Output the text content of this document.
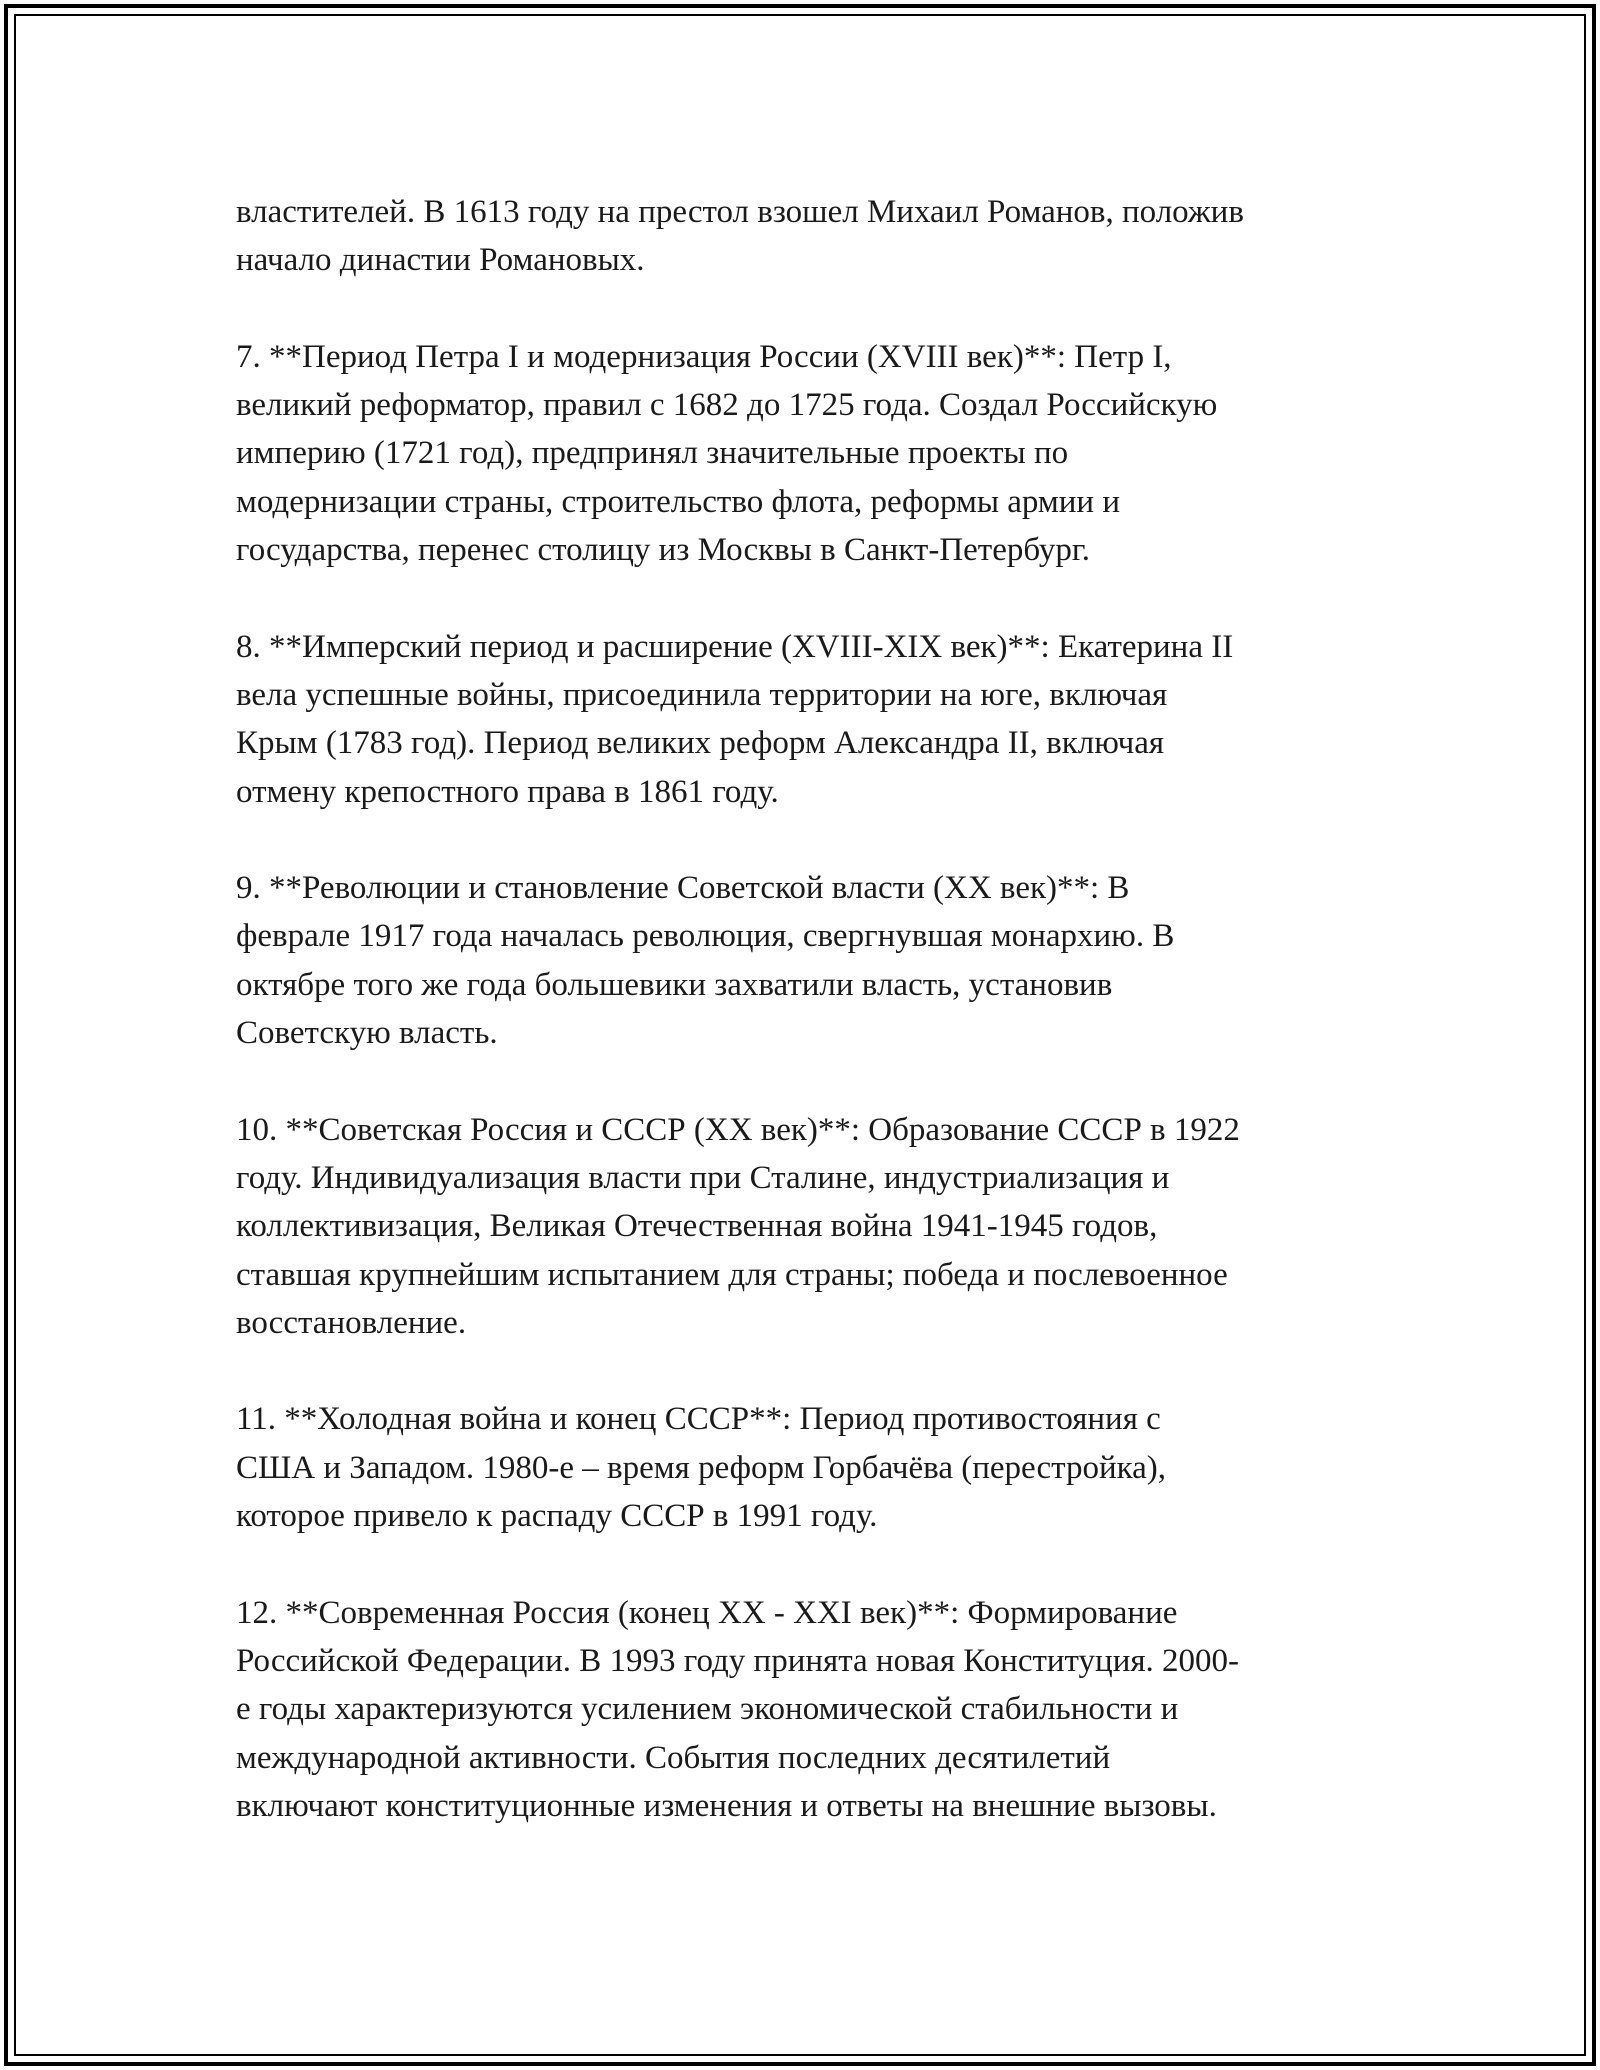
властителей. В 1613 году на престол взошел Михаил Романов, положив
начало династии Романовых.

7. **Период Петра I и модернизация России (XVIII век)**: Петр I,
великий реформатор, правил с 1682 до 1725 года. Создал Российскую
империю (1721 год), предпринял значительные проекты по
модернизации страны, строительство флота, реформы армии и
государства, перенес столицу из Москвы в Санкт-Петербург.

8. **Имперский период и расширение (XVIII-XIX век)**: Екатерина II
вела успешные войны, присоединила территории на юге, включая
Крым (1783 год). Период великих реформ Александра II, включая
отмену крепостного права в 1861 году.

9. **Революции и становление Советской власти (XX век)**: В
феврале 1917 года началась революция, свергнувшая монархию. В
октябре того же года большевики захватили власть, установив
Советскую власть.

10. **Советская Россия и СССР (XX век)**: Образование СССР в 1922
году. Индивидуализация власти при Сталине, индустриализация и
коллективизация, Великая Отечественная война 1941-1945 годов,
ставшая крупнейшим испытанием для страны; победа и послевоенное
восстановление.

11. **Холодная война и конец СССР**: Период противостояния с
США и Западом. 1980-е – время реформ Горбачёва (перестройка),
которое привело к распаду СССР в 1991 году.

12. **Современная Россия (конец XX - XXI век)**: Формирование
Российской Федерации. В 1993 году принята новая Конституция. 2000-
е годы характеризуются усилением экономической стабильности и
международной активности. События последних десятилетий
включают конституционные изменения и ответы на внешние вызовы.
